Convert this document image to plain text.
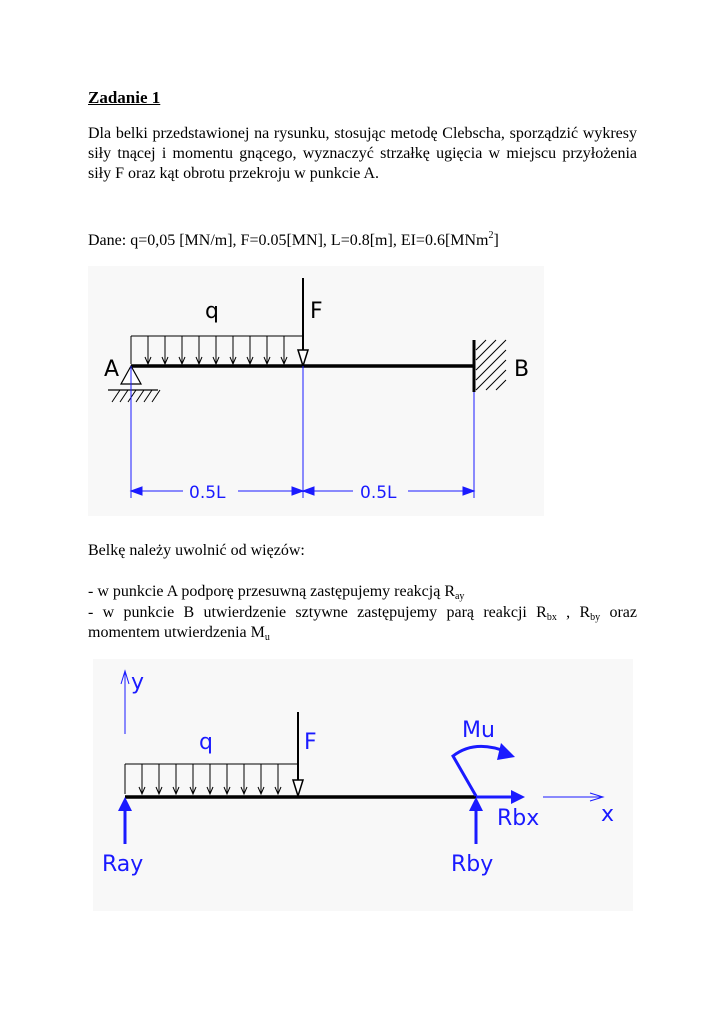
Zadanie 1
Dla belki przedstawionej na rysunku, stosując metodę Clebscha, sporządzić wykresy siły tnącej i momentu gnącego, wyznaczyć strzałkę ugięcia w miejscu przyłożenia siły F oraz kąt obrotu przekroju w punkcie A.
Dane: q=0,05 [MN/m], F=0.05[MN], L=0.8[m], EI=0.6[MNm$^2$]
q	F
A	B
0.5L	0.5L
Belkę należy uwolnić od więzów:
- w punkcie A podporę przesuwną zastępujemy reakcją $R_{ay}$
- w punkcie B utwierdzenie sztywne zastępujemy parą reakcji $R_{bx}$ , $R_{by}$ oraz
momentem utwierdzenia $M_u$
y
x
q	F	Mu
Rbx
Ray	Rby
